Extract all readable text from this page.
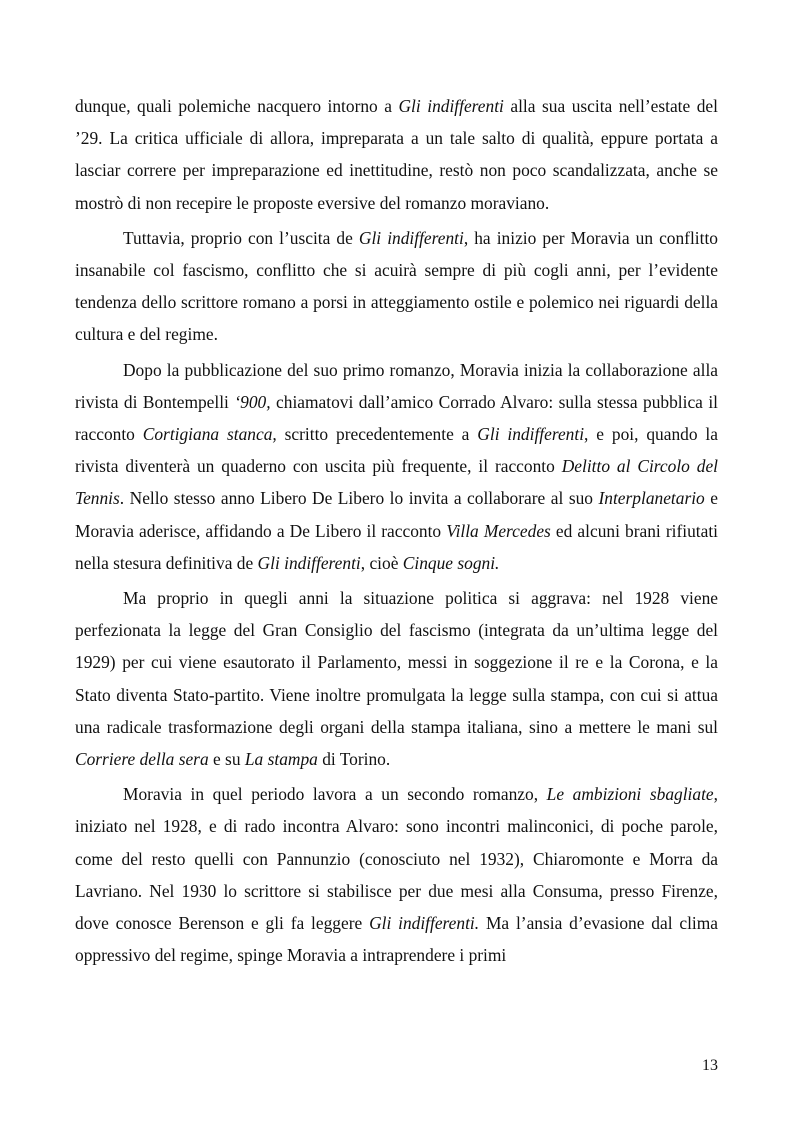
dunque, quali polemiche nacquero intorno a Gli indifferenti alla sua uscita nell’estate del ’29. La critica ufficiale di allora, impreparata a un tale salto di qualità, eppure portata a lasciar correre per impreparazione ed inettitudine, restò non poco scandalizzata, anche se mostrò di non recepire le proposte eversive del romanzo moraviano.

Tuttavia, proprio con l’uscita de Gli indifferenti, ha inizio per Moravia un conflitto insanabile col fascismo, conflitto che si acuirà sempre di più cogli anni, per l’evidente tendenza dello scrittore romano a porsi in atteggiamento ostile e polemico nei riguardi della cultura e del regime.

Dopo la pubblicazione del suo primo romanzo, Moravia inizia la collaborazione alla rivista di Bontempelli ‘900, chiamatovi dall’amico Corrado Alvaro: sulla stessa pubblica il racconto Cortigiana stanca, scritto precedentemente a Gli indifferenti, e poi, quando la rivista diventerà un quaderno con uscita più frequente, il racconto Delitto al Circolo del Tennis. Nello stesso anno Libero De Libero lo invita a collaborare al suo Interplanetario e Moravia aderisce, affidando a De Libero il racconto Villa Mercedes ed alcuni brani rifiutati nella stesura definitiva de Gli indifferenti, cioè Cinque sogni.

Ma proprio in quegli anni la situazione politica si aggrava: nel 1928 viene perfezionata la legge del Gran Consiglio del fascismo (integrata da un’ultima legge del 1929) per cui viene esautorato il Parlamento, messi in soggezione il re e la Corona, e la Stato diventa Stato-partito. Viene inoltre promulgata la legge sulla stampa, con cui si attua una radicale trasformazione degli organi della stampa italiana, sino a mettere le mani sul Corriere della sera e su La stampa di Torino.

Moravia in quel periodo lavora a un secondo romanzo, Le ambizioni sbagliate, iniziato nel 1928, e di rado incontra Alvaro: sono incontri malinconici, di poche parole, come del resto quelli con Pannunzio (conosciuto nel 1932), Chiaromonte e Morra da Lavriano. Nel 1930 lo scrittore si stabilisce per due mesi alla Consuma, presso Firenze, dove conosce Berenson e gli fa leggere Gli indifferenti. Ma l’ansia d’evasione dal clima oppressivo del regime, spinge Moravia a intraprendere i primi

13
